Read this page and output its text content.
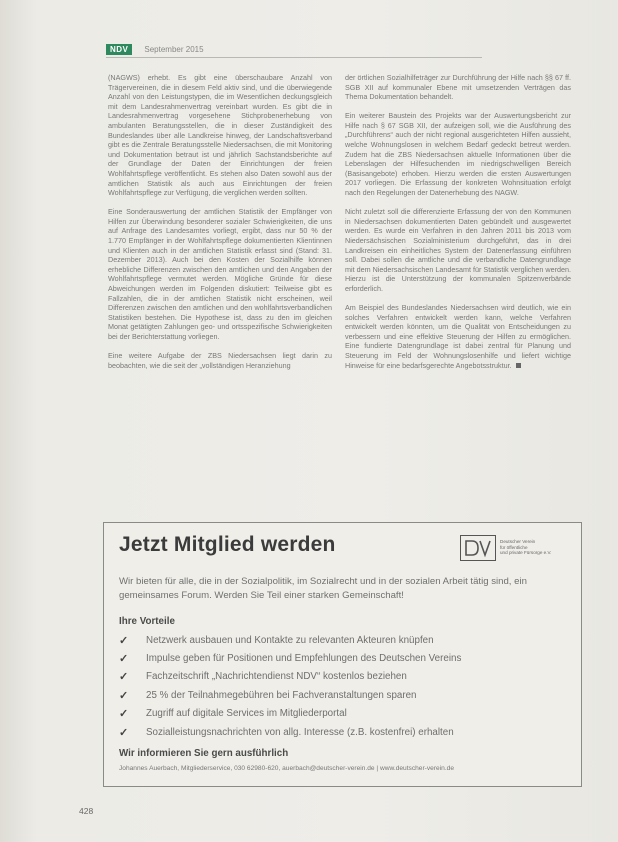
NDV	September 2015

(NAGWS) erhebt. Es gibt eine überschaubare Anzahl von Trägervereinen, die in diesem Feld aktiv sind, und die überwiegende Anzahl von den Leistungstypen, die im Wesentlichen deckungsgleich mit dem Landesrahmenvertrag vereinbart wurden. Es gibt die in Landesrahmenvertrag vorgesehene Stichprobenerhebung von ambulanten Beratungsstellen, die in dieser Zuständigkeit des Bundeslandes über alle Landkreise hinweg, der Landschaftsverband gibt es die Zentrale Beratungsstelle Niedersachsen, die mit Monitoring und Dokumentation betraut ist und jährlich Sachstandsberichte auf der Grundlage der Daten der Einrichtungen der freien Wohlfahrtspflege veröffentlicht. Es stehen also Daten sowohl aus der amtlichen Statistik als auch aus Einrichtungen der freien Wohlfahrtspflege zur Verfügung, die verglichen werden sollten.

Eine Sonderauswertung der amtlichen Statistik der Empfänger von Hilfen zur Überwindung besonderer sozialer Schwierigkeiten, die uns auf Anfrage des Landesamtes vorliegt, ergibt, dass nur 50 % der 1.770 Empfänger in der Wohlfahrtspflege dokumentierten Klientinnen und Klienten auch in der amtlichen Statistik erfasst sind (Stand: 31. Dezember 2013). Auch bei den Kosten der Sozialhilfe können erhebliche Differenzen zwischen den amtlichen und den Angaben der Wohlfahrtspflege vermutet werden. Mögliche Gründe für diese Abweichungen werden im Folgenden diskutiert: Teilweise gibt es Fallzahlen, die in der amtlichen Statistik nicht erscheinen, weil Differenzen zwischen den amtlichen und den wohlfahrtsverbandlichen Statistiken bestehen. Die Hypothese ist, dass zu den im gleichen Monat getätigten Zahlungen geo- und ortsspezifische Schwierigkeiten bei der Berichterstattung vorliegen.

Eine weitere Aufgabe der ZBS Niedersachsen liegt darin zu beobachten, wie die seit der „vollständigen Heranziehung

der örtlichen Sozialhilfeträger zur Durchführung der Hilfe nach §§ 67 ff. SGB XII auf kommunaler Ebene mit umsetzenden Verträgen das Thema Dokumentation behandelt.

Ein weiterer Baustein des Projekts war der Auswertungsbericht zur Hilfe nach § 67 SGB XII, der aufzeigen soll, wie die Ausführung des „Durchführens“ auch der nicht regional ausgerichteten Hilfen aussieht, welche Wohnungslosen in welchem Bedarf gedeckt betreut werden. Zudem hat die ZBS Niedersachsen aktuelle Informationen über die Lebenslagen der Hilfesuchenden im niedrigschwelligen Bereich (Basisangebote) erhoben. Hierzu werden die ersten Auswertungen 2017 vorliegen. Die Erfassung der konkreten Wohnsituation erfolgt nach den Regelungen der Datenerhebung des NAGW.

Nicht zuletzt soll die differenzierte Erfassung der von den Kommunen in Niedersachsen dokumentierten Daten gebündelt und ausgewertet werden. Es wurde ein Verfahren in den Jahren 2011 bis 2013 vom Niedersächsischen Sozialministerium durchgeführt, das in drei Landkreisen ein einheitliches System der Datenerfassung einführen soll. Dabei sollen die amtliche und die verbandliche Datengrundlage mit dem Niedersachsischen Landesamt für Statistik verglichen werden. Hierzu ist die Unterstützung der kommunalen Spitzenverbände erforderlich.

Am Beispiel des Bundeslandes Niedersachsen wird deutlich, wie ein solches Verfahren entwickelt werden kann, welche Verfahren entwickelt werden könnten, um die Qualität von Entscheidungen zu verbessern und eine effektive Steuerung der Hilfen zu ermöglichen. Eine fundierte Datengrundlage ist dabei zentral für Planung und Steuerung im Feld der Wohnungslosenhilfe und liefert wichtige Hinweise für eine bedarfsgerechte Angebotsstruktur.

Jetzt Mitglied werden	Deutscher Verein
für öffentliche
und private Fürsorge e.V.
Wir bieten für alle, die in der Sozialpolitik, im Sozialrecht und in der sozialen Arbeit tätig sind, ein gemeinsames Forum. Werden Sie Teil einer starken Gemeinschaft!
Ihre Vorteile
✓ Netzwerk ausbauen und Kontakte zu relevanten Akteuren knüpfen
✓ Impulse geben für Positionen und Empfehlungen des Deutschen Vereins
✓ Fachzeitschrift „Nachrichtendienst NDV“ kostenlos beziehen
✓ 25 % der Teilnahmegebühren bei Fachveranstaltungen sparen
✓ Zugriff auf digitale Services im Mitgliederportal
✓ Sozialleistungsnachrichten von allg. Interesse (z.B. kostenfrei) erhalten
Wir informieren Sie gern ausführlich
Johannes Auerbach, Mitgliederservice, 030 62980-620, auerbach@deutscher-verein.de | www.deutscher-verein.de
428
